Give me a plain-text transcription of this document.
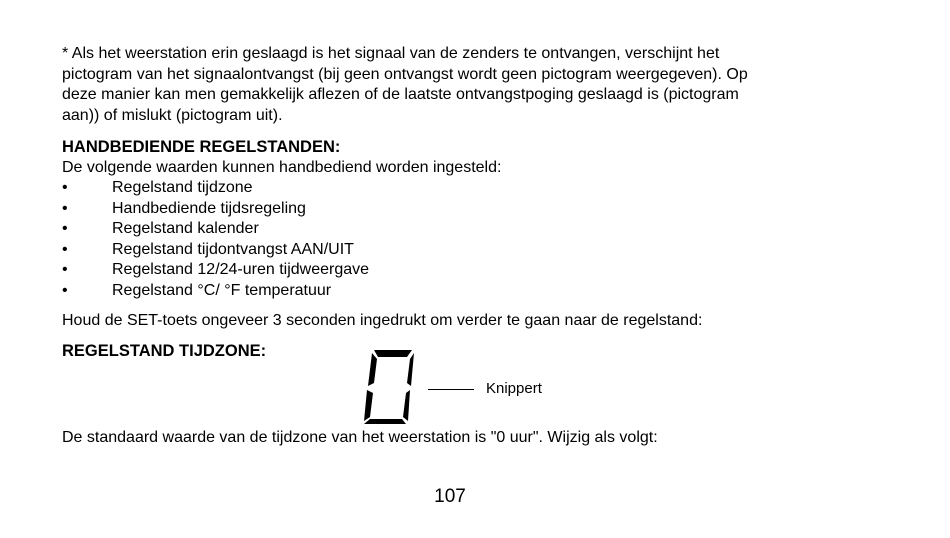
* Als het weerstation erin geslaagd is het signaal van de zenders te ontvangen, verschijnt het

pictogram van het signaalontvangst (bij geen ontvangst wordt geen pictogram weergegeven). Op

deze manier kan men gemakkelijk aflezen of de laatste ontvangstpoging geslaagd is (pictogram

aan)) of mislukt (pictogram uit).

HANDBEDIENDE REGELSTANDEN:

De volgende waarden kunnen handbediend worden ingesteld:

•	Regelstand tijdzone
•	Handbediende tijdsregeling
•	Regelstand kalender
•	Regelstand tijdontvangst AAN/UIT
•	Regelstand 12/24-uren tijdweergave
•	Regelstand °C/ °F temperatuur

Houd de SET-toets ongeveer 3 seconden ingedrukt om verder te gaan naar de regelstand:

REGELSTAND TIJDZONE:
Knippert

De standaard waarde van de tijdzone van het weerstation is "0 uur". Wijzig als volgt:

107
